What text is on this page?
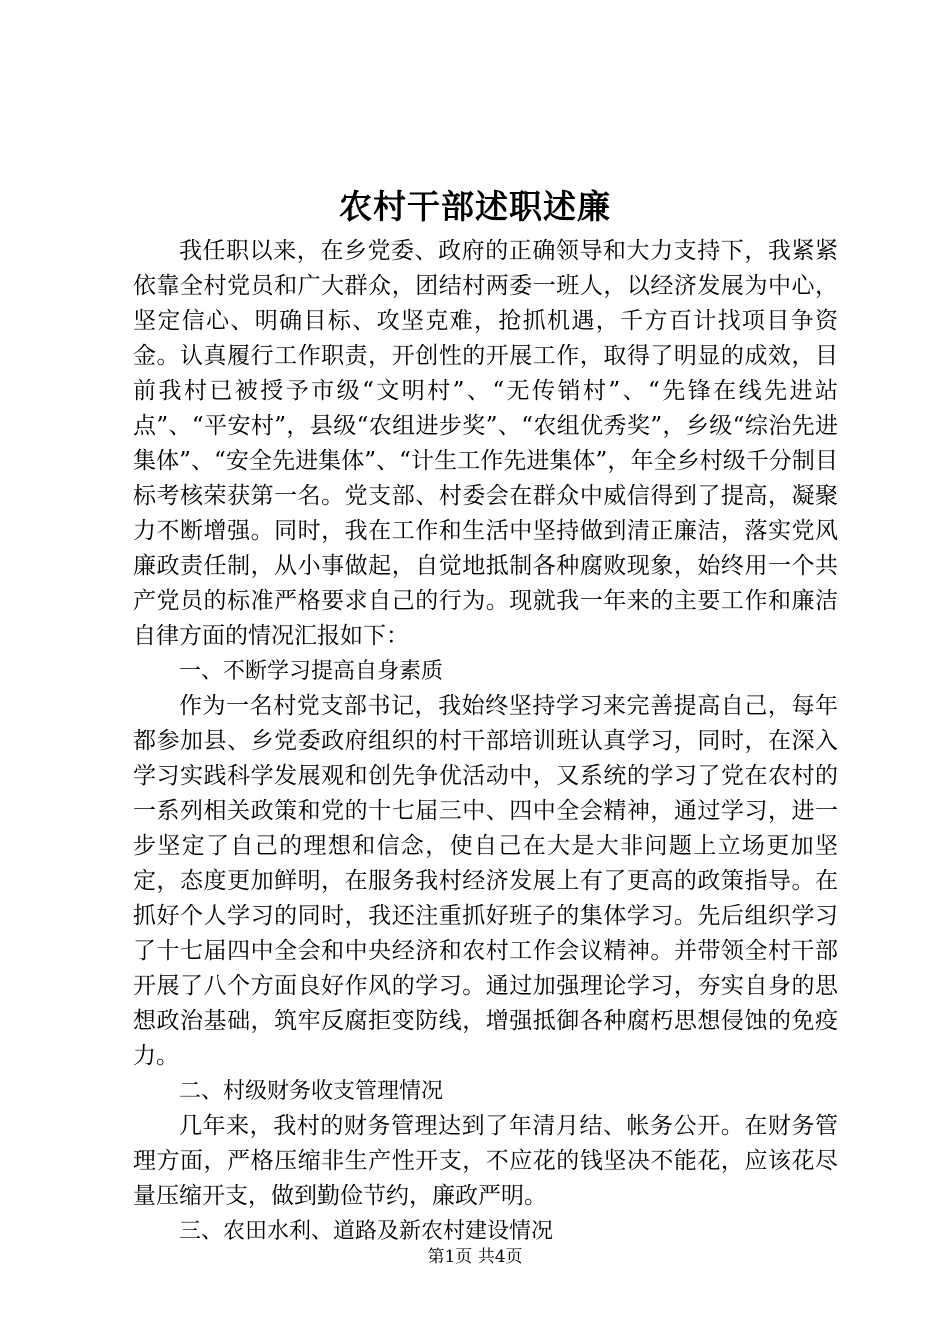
农村干部述职述廉

我任职以来，在乡党委、政府的正确领导和大力支持下，我紧紧依靠全村党员和广大群众，团结村两委一班人，以经济发展为中心，坚定信心、明确目标、攻坚克难，抢抓机遇，千方百计找项目争资金。认真履行工作职责，开创性的开展工作，取得了明显的成效，目前我村已被授予市级“文明村”、“无传销村”、“先锋在线先进站点”、“平安村”，县级“农组进步奖”、“农组优秀奖”，乡级“综治先进集体”、“安全先进集体”、“计生工作先进集体”，年全乡村级千分制目标考核荣获第一名。党支部、村委会在群众中威信得到了提高，凝聚力不断增强。同时，我在工作和生活中坚持做到清正廉洁，落实党风廉政责任制，从小事做起，自觉地抵制各种腐败现象，始终用一个共产党员的标准严格要求自己的行为。现就我一年来的主要工作和廉洁自律方面的情况汇报如下：

一、不断学习提高自身素质

作为一名村党支部书记，我始终坚持学习来完善提高自己，每年都参加县、乡党委政府组织的村干部培训班认真学习，同时，在深入学习实践科学发展观和创先争优活动中，又系统的学习了党在农村的一系列相关政策和党的十七届三中、四中全会精神，通过学习，进一步坚定了自己的理想和信念，使自己在大是大非问题上立场更加坚定，态度更加鲜明，在服务我村经济发展上有了更高的政策指导。在抓好个人学习的同时，我还注重抓好班子的集体学习。先后组织学习了十七届四中全会和中央经济和农村工作会议精神。并带领全村干部开展了八个方面良好作风的学习。通过加强理论学习，夯实自身的思想政治基础，筑牢反腐拒变防线，增强抵御各种腐朽思想侵蚀的免疫力。

二、村级财务收支管理情况

几年来，我村的财务管理达到了年清月结、帐务公开。在财务管理方面，严格压缩非生产性开支，不应花的钱坚决不能花，应该花尽量压缩开支，做到勤俭节约，廉政严明。

三、农田水利、道路及新农村建设情况

第1页 共4页
